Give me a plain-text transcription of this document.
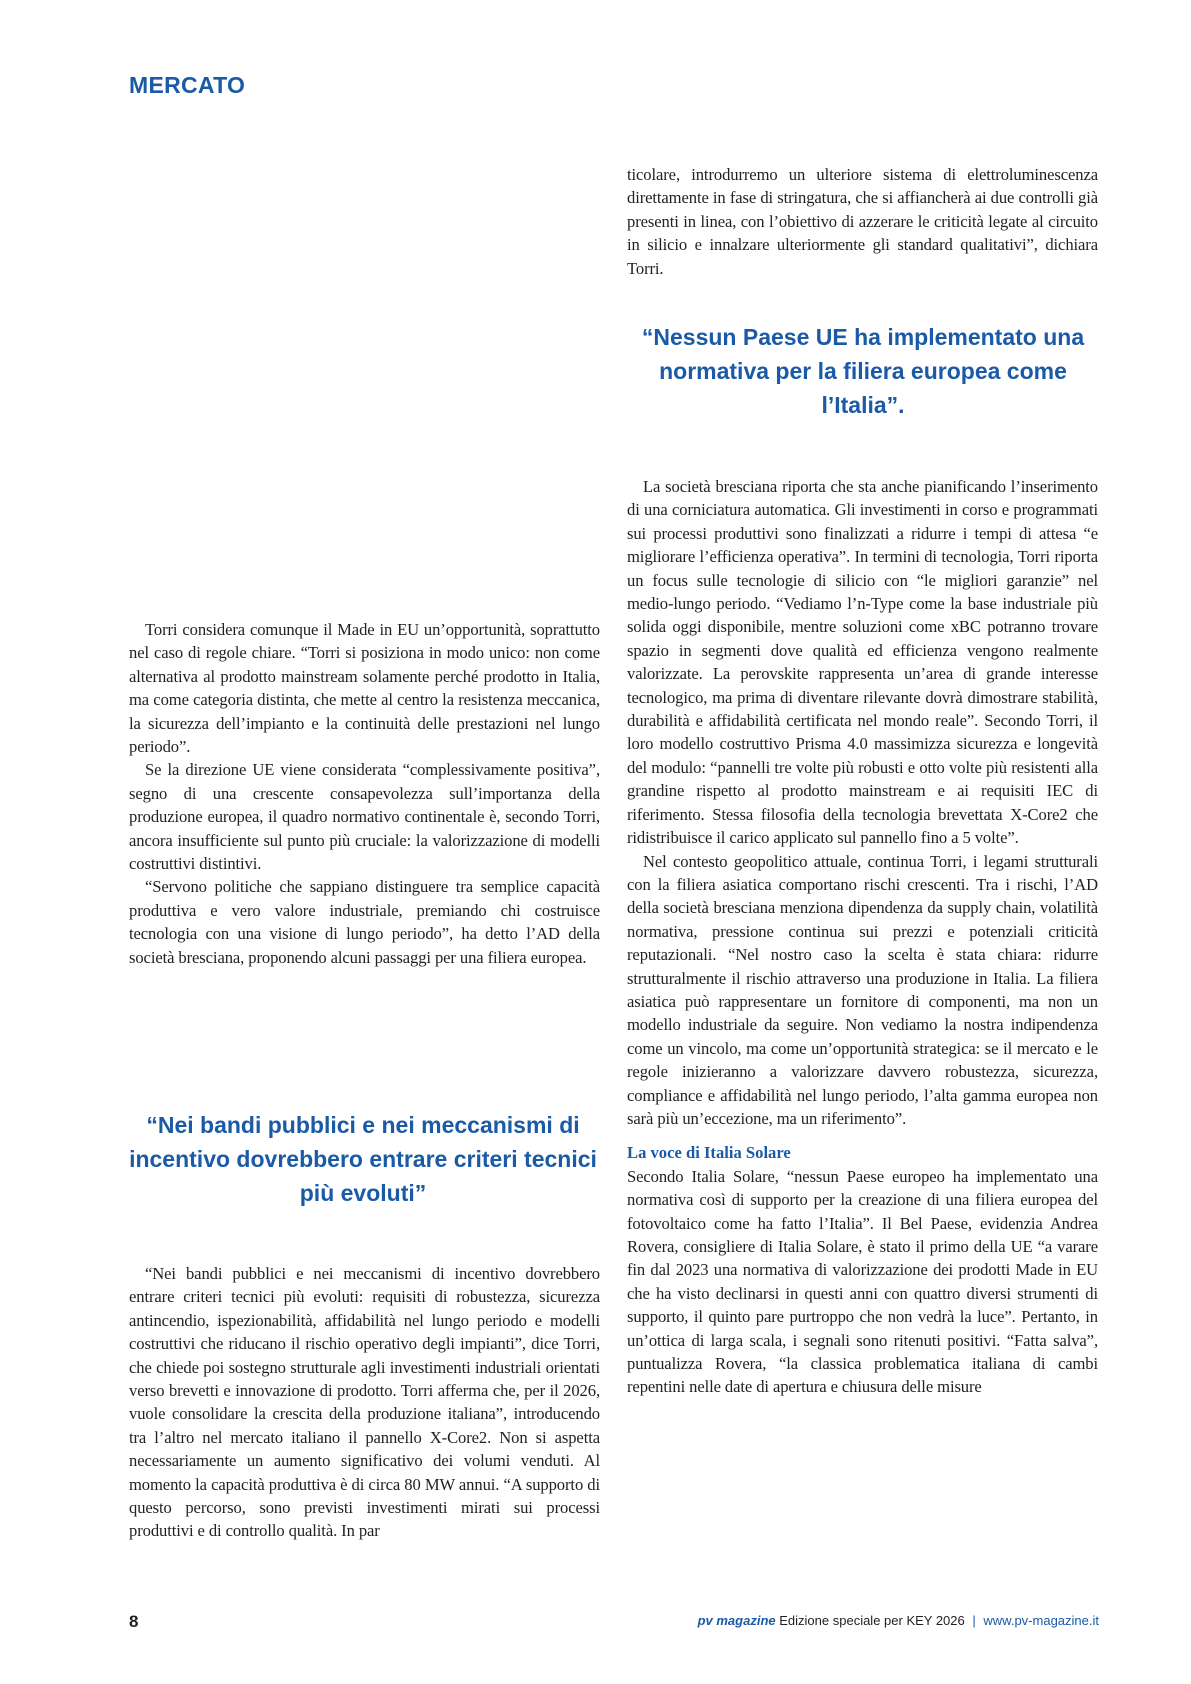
MERCATO

ticolare, introdurremo un ulteriore sistema di elettroluminescenza direttamente in fase di stringatura, che si affiancherà ai due controlli già presenti in linea, con l’obiettivo di azzerare le criticità legate al circuito in silicio e innalzare ulteriormente gli standard qualitativi”, dichiara Torri.

“Nessun Paese UE ha implementato una normativa per la filiera europea come l’Italia”.

La società bresciana riporta che sta anche pianificando l’inserimento di una corniciatura automatica. Gli investimenti in corso e programmati sui processi produttivi sono finalizzati a ridurre i tempi di attesa “e migliorare l’efficienza operativa”. In termini di tecnologia, Torri riporta un focus sulle tecnologie di silicio con “le migliori garanzie” nel medio-lungo periodo. “Vediamo l’n-Type come la base industriale più solida oggi disponibile, mentre soluzioni come xBC potranno trovare spazio in segmenti dove qualità ed efficienza vengono realmente valorizzate. La perovskite rappresenta un’area di grande interesse tecnologico, ma prima di diventare rilevante dovrà dimostrare stabilità, durabilità e affidabilità certificata nel mondo reale”. Secondo Torri, il loro modello costruttivo Prisma 4.0 massimizza sicurezza e longevità del modulo: “pannelli tre volte più robusti e otto volte più resistenti alla grandine rispetto al prodotto mainstream e ai requisiti IEC di riferimento. Stessa filosofia della tecnologia brevettata X-Core2 che ridistribuisce il carico applicato sul pannello fino a 5 volte”.

Nel contesto geopolitico attuale, continua Torri, i legami strutturali con la filiera asiatica comportano rischi crescenti. Tra i rischi, l’AD della società bresciana menziona dipendenza da supply chain, volatilità normativa, pressione continua sui prezzi e potenziali criticità reputazionali. “Nel nostro caso la scelta è stata chiara: ridurre strutturalmente il rischio attraverso una produzione in Italia. La filiera asiatica può rappresentare un fornitore di componenti, ma non un modello industriale da seguire. Non vediamo la nostra indipendenza come un vincolo, ma come un’opportunità strategica: se il mercato e le regole inizieranno a valorizzare davvero robustezza, sicurezza, compliance e affidabilità nel lungo periodo, l’alta gamma europea non sarà più un’eccezione, ma un riferimento”.

La voce di Italia Solare

Secondo Italia Solare, “nessun Paese europeo ha implementato una normativa così di supporto per la creazione di una filiera europea del fotovoltaico come ha fatto l’Italia”. Il Bel Paese, evidenzia Andrea Rovera, consigliere di Italia Solare, è stato il primo della UE “a varare fin dal 2023 una normativa di valorizzazione dei prodotti Made in EU che ha visto declinarsi in questi anni con quattro diversi strumenti di supporto, il quinto pare purtroppo che non vedrà la luce”. Pertanto, in un’ottica di larga scala, i segnali sono ritenuti positivi. “Fatta salva”, puntualizza Rovera, “la classica problematica italiana di cambi repentini nelle date di apertura e chiusura delle misure

Torri considera comunque il Made in EU un’opportunità, soprattutto nel caso di regole chiare. “Torri si posiziona in modo unico: non come alternativa al prodotto mainstream solamente perché prodotto in Italia, ma come categoria distinta, che mette al centro la resistenza meccanica, la sicurezza dell’impianto e la continuità delle prestazioni nel lungo periodo”.

Se la direzione UE viene considerata “complessivamente positiva”, segno di una crescente consapevolezza sull’importanza della produzione europea, il quadro normativo continentale è, secondo Torri, ancora insufficiente sul punto più cruciale: la valorizzazione di modelli costruttivi distintivi.

“Servono politiche che sappiano distinguere tra semplice capacità produttiva e vero valore industriale, premiando chi costruisce tecnologia con una visione di lungo periodo”, ha detto l’AD della società bresciana, proponendo alcuni passaggi per una filiera europea.

“Nei bandi pubblici e nei meccanismi di incentivo dovrebbero entrare criteri tecnici più evoluti”

“Nei bandi pubblici e nei meccanismi di incentivo dovrebbero entrare criteri tecnici più evoluti: requisiti di robustezza, sicurezza antincendio, ispezionabilità, affidabilità nel lungo periodo e modelli costruttivi che riducano il rischio operativo degli impianti”, dice Torri, che chiede poi sostegno strutturale agli investimenti industriali orientati verso brevetti e innovazione di prodotto. Torri afferma che, per il 2026, vuole consolidare la crescita della produzione italiana”, introducendo tra l’altro nel mercato italiano il pannello X-Core2. Non si aspetta necessariamente un aumento significativo dei volumi venduti. Al momento la capacità produttiva è di circa 80 MW annui. “A supporto di questo percorso, sono previsti investimenti mirati sui processi produttivi e di controllo qualità. In par

8	pv magazine Edizione speciale per KEY 2026 | www.pv-magazine.it
